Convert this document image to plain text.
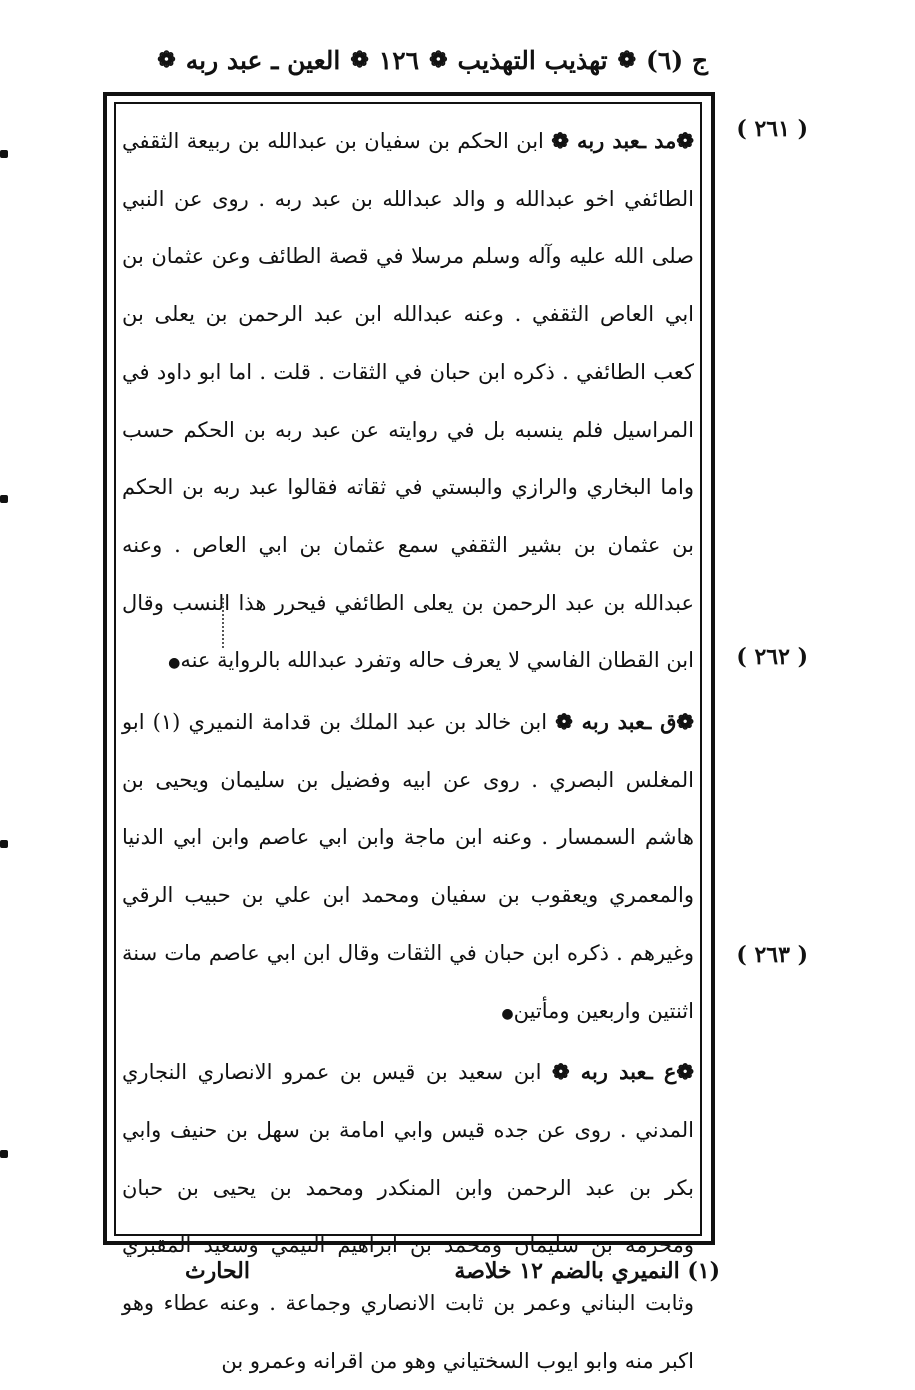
ج (٦)
❁
تهذيب التهذيب
❁
١٢٦
❁
العين ـ عبد ربه
❁
( ٢٦١ )
( ٢٦٢ )
( ٢٦٣ )

❁مد ـعبد ربه ❁ ابن الحكم بن سفيان بن عبدالله بن ربيعة الثقفي الطائفي اخو عبدالله و والد عبدالله بن عبد ربه . روى عن النبي صلى الله عليه وآله وسلم مرسلا في قصة الطائف وعن عثمان بن ابي العاص الثقفي . وعنه عبدالله ابن عبد الرحمن بن يعلى بن كعب الطائفي . ذكره ابن حبان في الثقات . قلت . اما ابو داود في المراسيل فلم ينسبه بل في روايته عن عبد ربه بن الحكم حسب واما البخاري والرازي والبستي في ثقاته فقالوا عبد ربه بن الحكم بن عثمان بن بشير الثقفي سمع عثمان بن ابي العاص . وعنه عبدالله بن عبد الرحمن بن يعلى الطائفي فيحرر هذا النسب وقال ابن القطان الفاسي لا يعرف حاله وتفرد عبدالله بالرواية عنه●

❁ق ـعبد ربه ❁ ابن خالد بن عبد الملك بن قدامة النميري (١) ابو المغلس البصري . روى عن ابيه وفضيل بن سليمان ويحيى بن هاشم السمسار . وعنه ابن ماجة وابن ابي عاصم وابن ابي الدنيا والمعمري ويعقوب بن سفيان ومحمد ابن علي بن حبيب الرقي وغيرهم . ذكره ابن حبان في الثقات وقال ابن ابي عاصم مات سنة اثنتين واربعين ومأتين●

❁ع ـعبد ربه ❁ ابن سعيد بن قيس بن عمرو الانصاري النجاري المدني . روى عن جده قيس وابي امامة بن سهل بن حنيف وابي بكر بن عبد الرحمن وابن المنكدر ومحمد بن يحيى بن حبان ومخرمة بن سليمان ومحمد بن ابراهيم التيمي وسعيد المقبري وثابت البناني وعمر بن ثابت الانصاري وجماعة . وعنه عطاء وهو اكبر منه وابو ايوب السختياني وهو من اقرانه وعمرو بن

(١) النميري بالضم ١٢ خلاصة
الحارث
